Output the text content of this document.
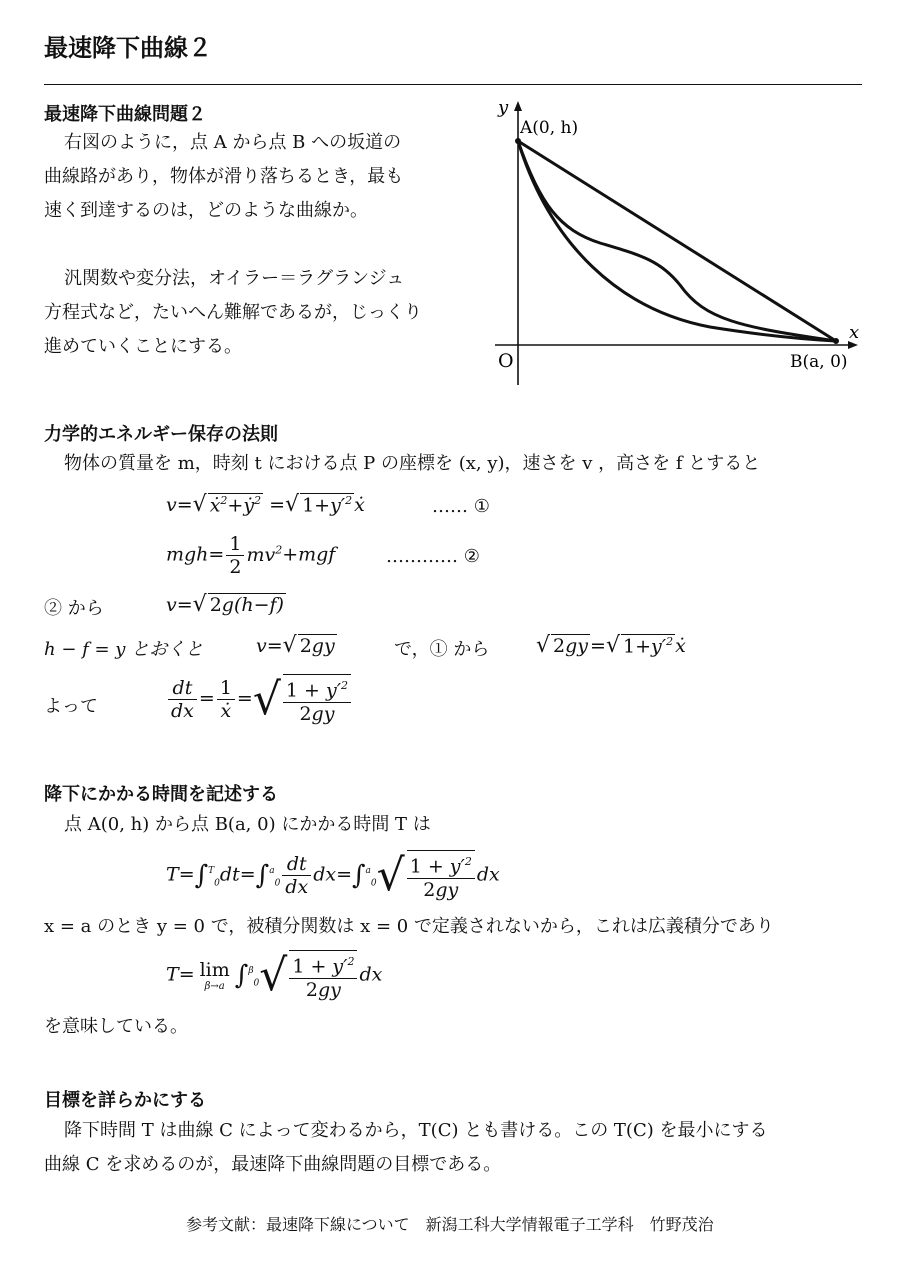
最速降下曲線２
最速降下曲線問題２
右図のように，点 A から点 B への坂道の
曲線路があり，物体が滑り落ちるとき，最も
速く到達するのは，どのような曲線か。
汎関数や変分法，オイラー＝ラグランジュ
方程式など，たいへん難解であるが，じっくり
進めていくことにする。
y
x
O
A(0, h)
B(a, 0)
力学的エネルギー保存の法則
物体の質量を m，時刻 t における点 P の座標を (x, y)，速さを v ，高さを f とすると
v=√ ẋ$^2$+ẏ$^2$ =√ $1+y'^2$ ẋ	…… ①
$mgh= \frac{1}{2} mv^2+mgf$	………… ②
② から	v=√ 2g(h−f)
h − f = y とおくと	v=√ 2gy	で，① から √ 2gy =√ $1+y'^2$ ẋ
よって	$\frac{dt}{dx} = \frac{1}{\text{ẋ}}$ =√ $\frac{1 + y'^2}{2gy}$
降下にかかる時間を記述する
点 A(0, h) から点 B(a, 0) にかかる時間 T は
$T=\int^T_0dt=\int^a_0 \frac{dt}{dx} dx=\int^a_0√ \frac{1 + y'^2}{2gy}$ dx
x = a のとき y = 0 で，被積分関数は x = 0 で定義されないから，これは広義積分であり
T= lim
β→a $\int^\beta_0√ \frac{1 + y'^2}{2gy}$ dx
を意味している。
目標を詳らかにする
降下時間 T は曲線 C によって変わるから，T(C) とも書ける。この T(C) を最小にする
曲線 C を求めるのが，最速降下曲線問題の目標である。
参考文献：最速降下線について　新潟工科大学情報電子工学科　竹野茂治
